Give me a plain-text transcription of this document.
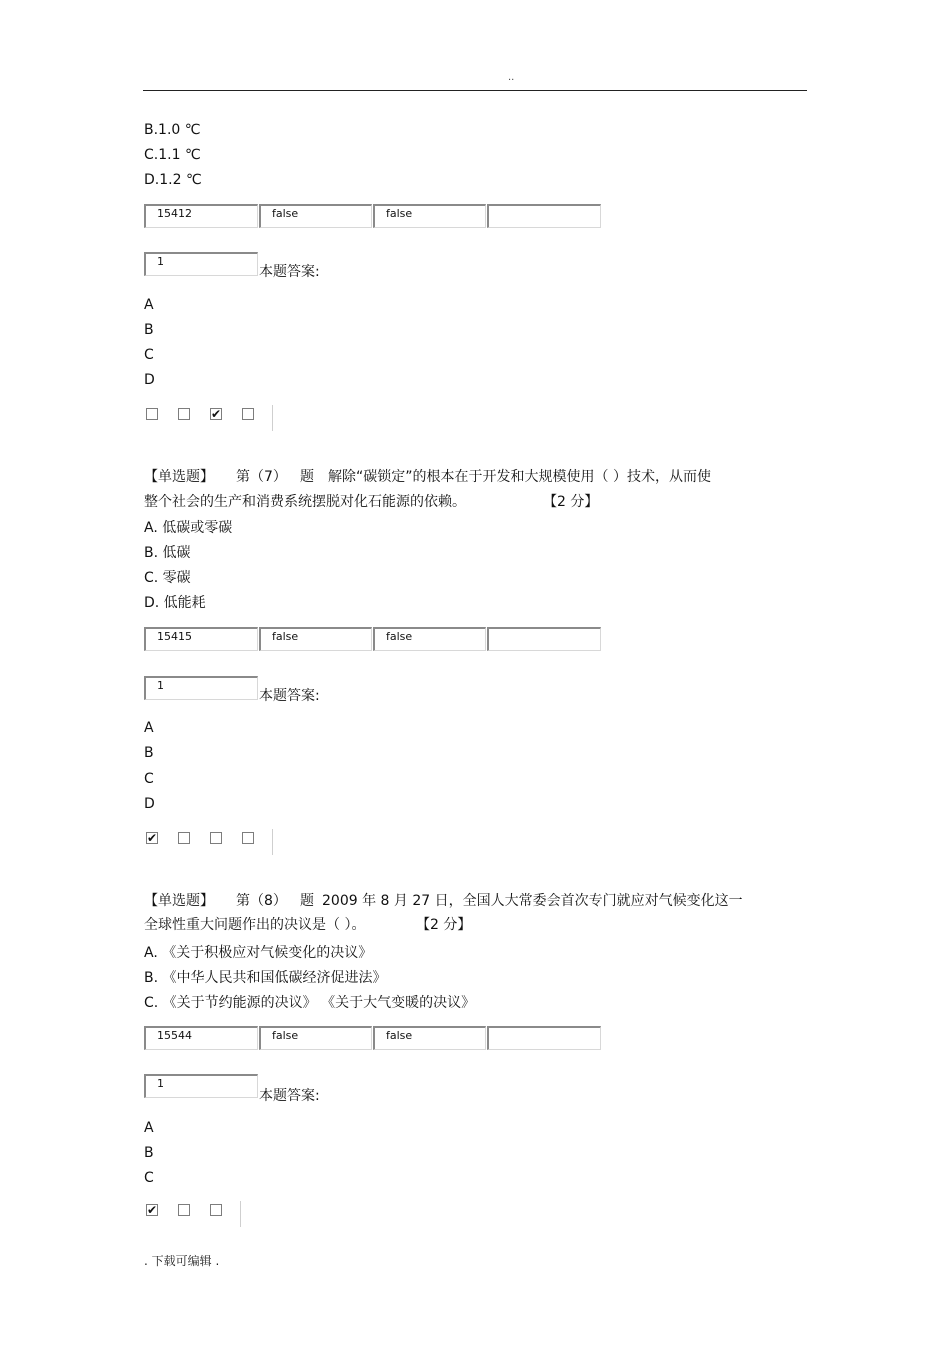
..
B.1.0 ℃
C.1.1 ℃
D.1.2 ℃
15412	false	false
1
本题答案:
A
B
C
D
✔
【单选题】 第（7） 题 解除“碳锁定”的根本在于开发和大规模使用（ ）技术，从而使
整个社会的生产和消费系统摆脱对化石能源的依赖。	【2 分】
A. 低碳或零碳
B. 低碳
C. 零碳
D. 低能耗
15415	false	false
1
本题答案:
A
B
C
D
✔
【单选题】 第（8） 题 2009 年 8 月 27 日，全国人大常委会首次专门就应对气候变化这一
全球性重大问题作出的决议是（ ）。	【2 分】
A. 《关于积极应对气候变化的决议》
B. 《中华人民共和国低碳经济促进法》
C. 《关于节约能源的决议》 《关于大气变暖的决议》
15544	false	false
1
本题答案:
A
B
C
✔
. 下载可编辑 .
